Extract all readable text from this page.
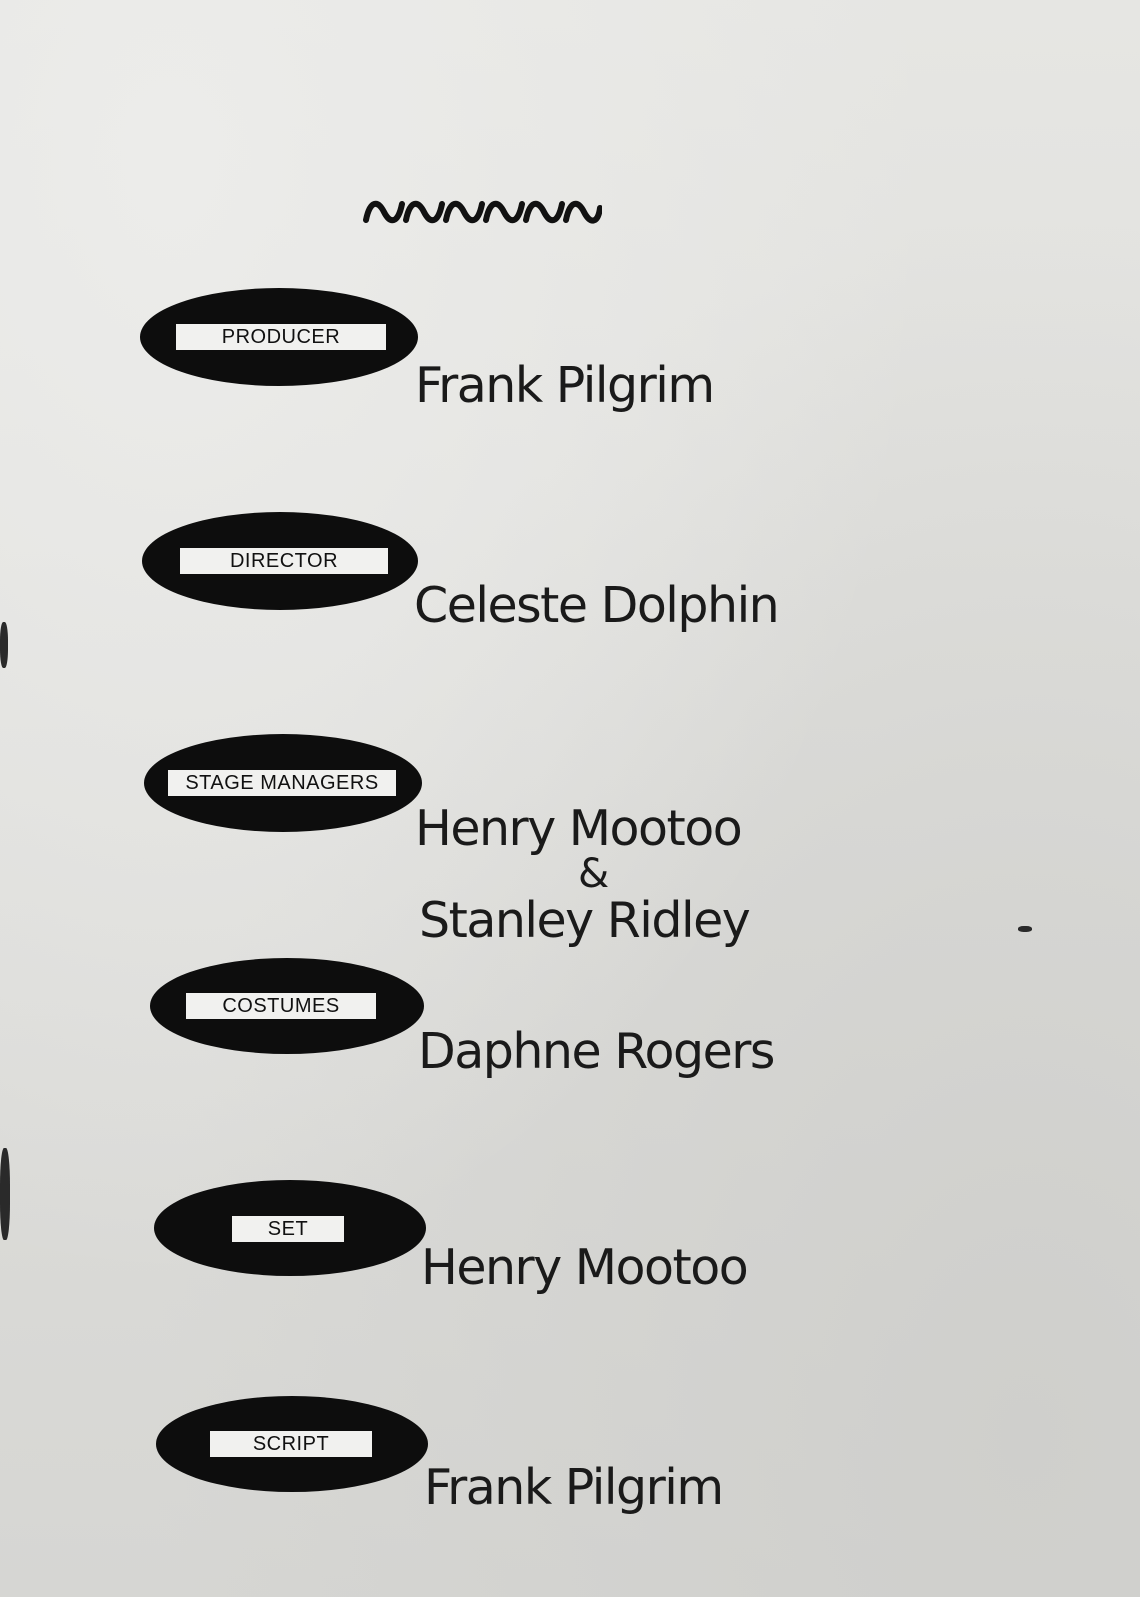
PRODUCER
Frank Pilgrim
DIRECTOR
Celeste Dolphin
STAGE MANAGERS
Henry Mootoo
&
Stanley Ridley
COSTUMES
Daphne Rogers
SET
Henry Mootoo
SCRIPT
Frank Pilgrim
